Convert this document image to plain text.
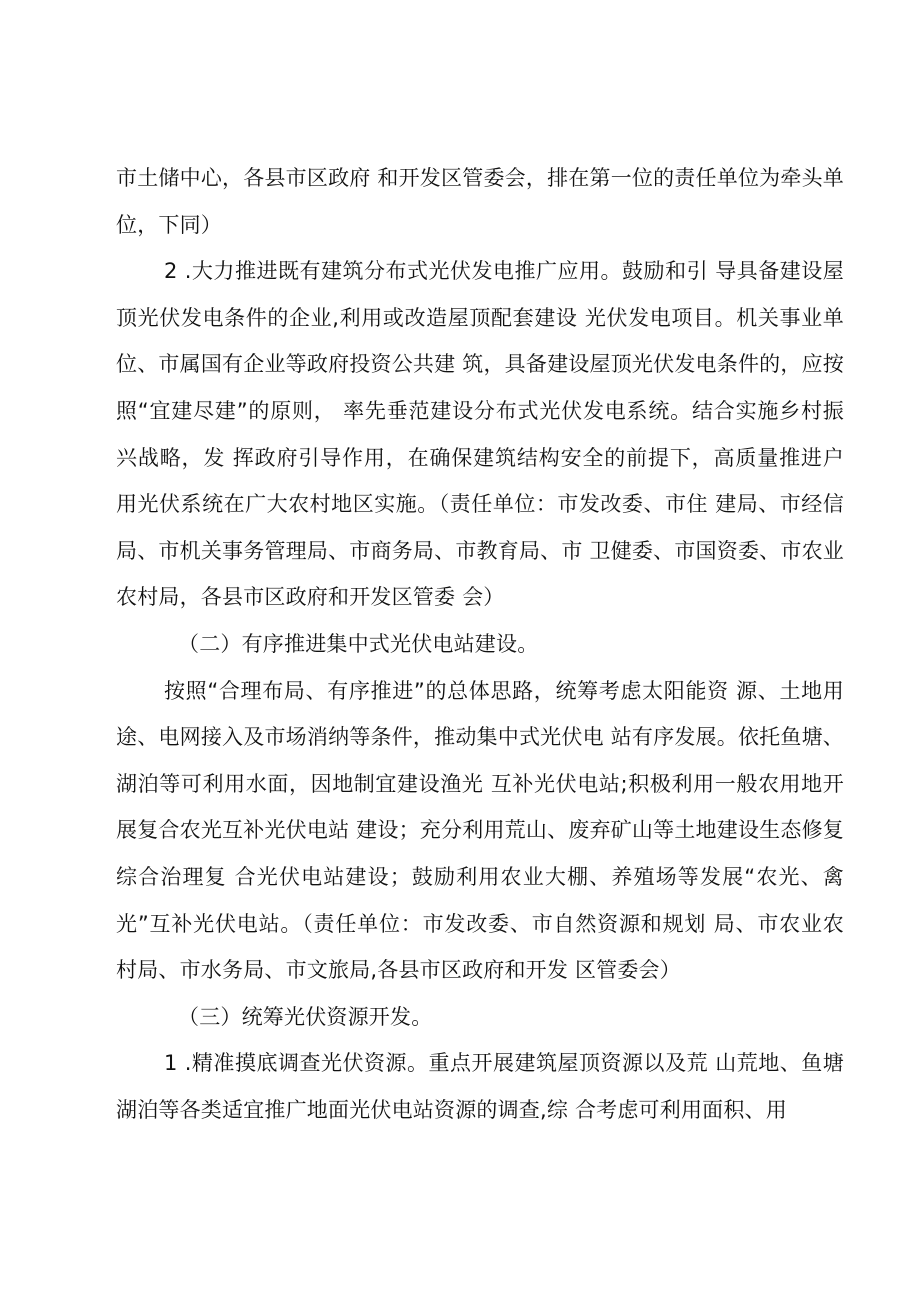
市土储中心，各县市区政府 和开发区管委会，排在第一位的责任单位为牵头单位，下同）

2 .大力推进既有建筑分布式光伏发电推广应用。鼓励和引 导具备建设屋顶光伏发电条件的企业,利用或改造屋顶配套建设 光伏发电项目。机关事业单位、市属国有企业等政府投资公共建 筑，具备建设屋顶光伏发电条件的，应按照“宜建尽建”的原则， 率先垂范建设分布式光伏发电系统。结合实施乡村振兴战略，发 挥政府引导作用，在确保建筑结构安全的前提下，高质量推进户 用光伏系统在广大农村地区实施。（责任单位：市发改委、市住 建局、市经信局、市机关事务管理局、市商务局、市教育局、市 卫健委、市国资委、市农业农村局，各县市区政府和开发区管委 会）

（二）有序推进集中式光伏电站建设。

按照“合理布局、有序推进”的总体思路，统筹考虑太阳能资 源、土地用途、电网接入及市场消纳等条件，推动集中式光伏电 站有序发展。依托鱼塘、湖泊等可利用水面，因地制宜建设渔光 互补光伏电站;积极利用一般农用地开展复合农光互补光伏电站 建设；充分利用荒山、废弃矿山等土地建设生态修复综合治理复 合光伏电站建设；鼓励利用农业大棚、养殖场等发展“农光、禽 光”互补光伏电站。（责任单位：市发改委、市自然资源和规划 局、市农业农村局、市水务局、市文旅局,各县市区政府和开发 区管委会）

（三）统筹光伏资源开发。

1 .精准摸底调查光伏资源。重点开展建筑屋顶资源以及荒 山荒地、鱼塘湖泊等各类适宜推广地面光伏电站资源的调查,综 合考虑可利用面积、用
